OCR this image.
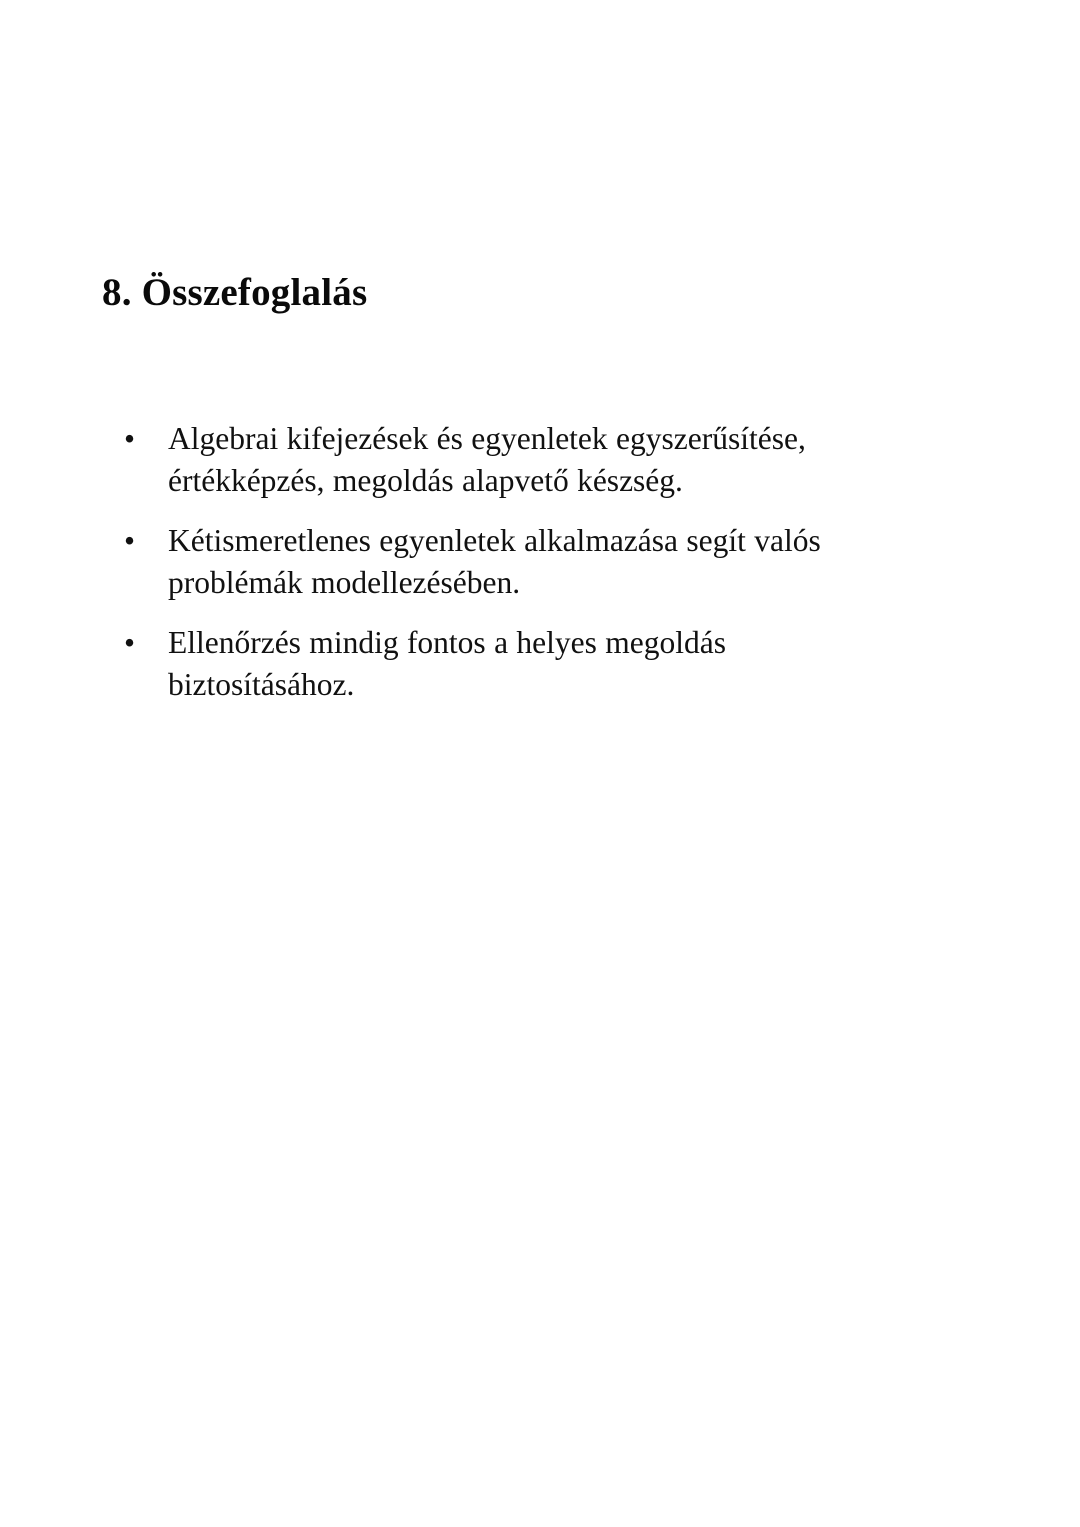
8. Összefoglalás
• Algebrai kifejezések és egyenletek egyszerűsítése, értékképzés, megoldás alapvető készség.
• Kétismeretlenes egyenletek alkalmazása segít valós problémák modellezésében.
• Ellenőrzés mindig fontos a helyes megoldás biztosításához.
